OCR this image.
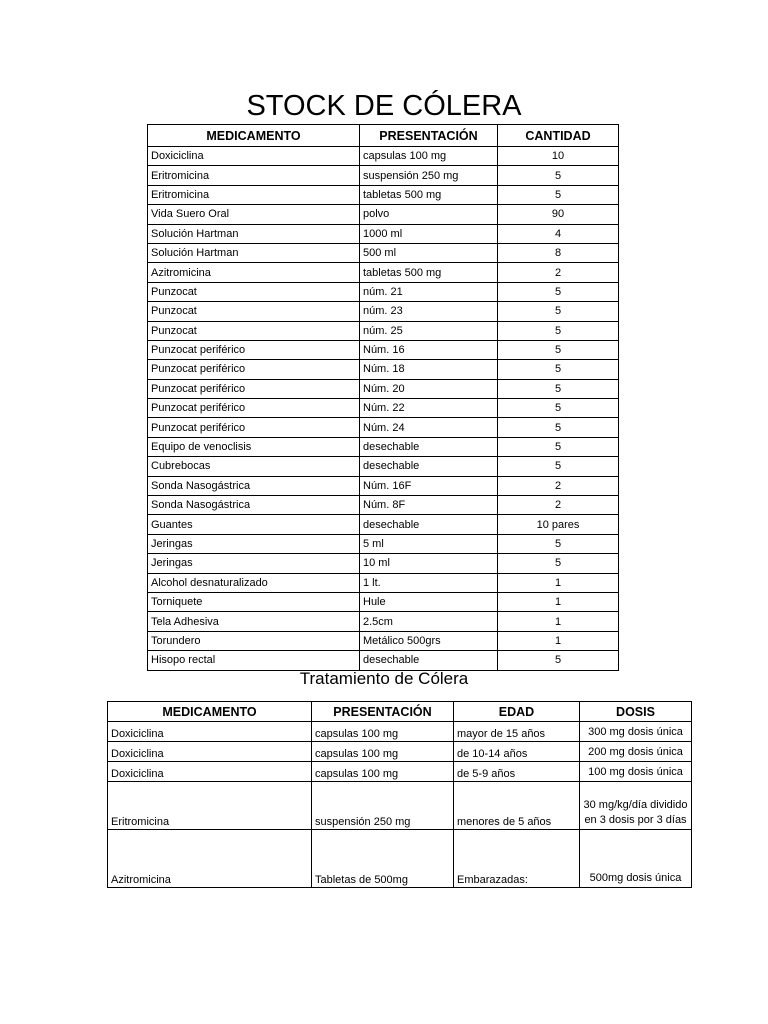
STOCK DE CÓLERA
MEDICAMENTO	PRESENTACIÓN	CANTIDAD
Doxiciclina	capsulas 100 mg	10
Eritromicina	suspensión 250 mg	5
Eritromicina	tabletas 500 mg	5
Vida Suero Oral	polvo	90
Solución Hartman	1000 ml	4
Solución Hartman	500 ml	8
Azitromicina	tabletas 500 mg	2
Punzocat	núm. 21	5
Punzocat	núm. 23	5
Punzocat	núm. 25	5
Punzocat periférico	Núm. 16	5
Punzocat periférico	Núm. 18	5
Punzocat periférico	Núm. 20	5
Punzocat periférico	Núm. 22	5
Punzocat periférico	Núm. 24	5
Equipo de venoclisis	desechable	5
Cubrebocas	desechable	5
Sonda Nasogástrica	Núm. 16F	2
Sonda Nasogástrica	Núm. 8F	2
Guantes	desechable	10 pares
Jeringas	5 ml	5
Jeringas	10 ml	5
Alcohol desnaturalizado	1 lt.	1
Torniquete	Hule	1
Tela Adhesiva	2.5cm	1
Torundero	Metálico 500grs	1
Hisopo rectal	desechable	5
Tratamiento de Cólera
MEDICAMENTO	PRESENTACIÓN	EDAD	DOSIS
Doxiciclina	capsulas 100 mg	mayor de 15 años	300 mg dosis única
Doxiciclina	capsulas 100 mg	de 10-14 años	200 mg dosis única
Doxiciclina	capsulas 100 mg	de 5-9 años	100 mg dosis única
Eritromicina	suspensión 250 mg	menores de 5 años	30 mg/kg/día dividido en 3 dosis por 3 días
Azitromicina	Tabletas de 500mg	Embarazadas:	500mg dosis única
